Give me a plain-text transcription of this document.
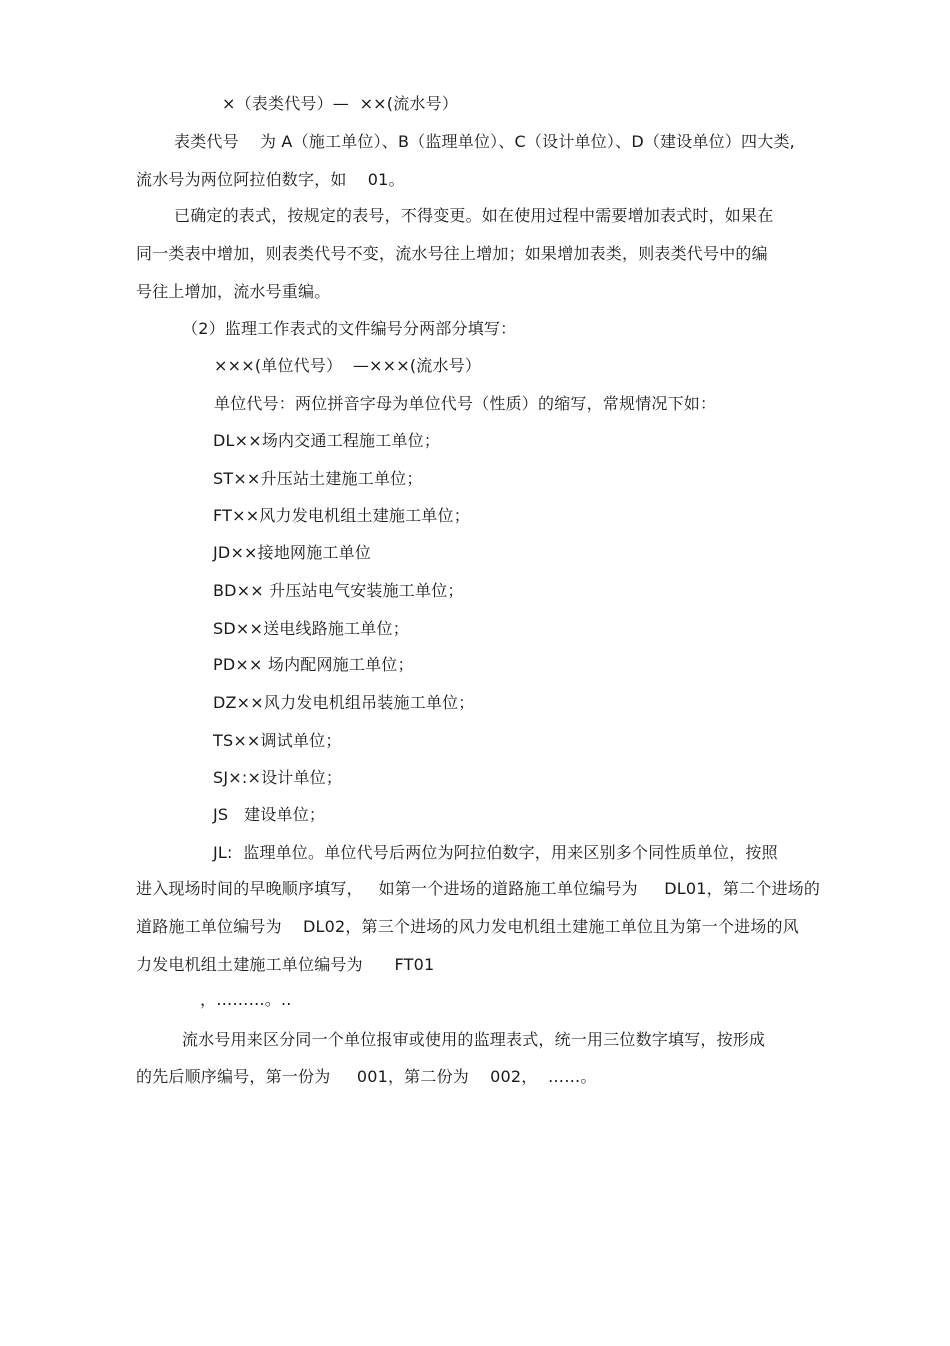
×（表类代号）—  ××(流水号）
表类代号    为 A（施工单位）、B（监理单位）、C（设计单位）、D（建设单位）四大类,
流水号为两位阿拉伯数字，如    01。
已确定的表式，按规定的表号，不得变更。如在使用过程中需要增加表式时，如果在
同一类表中增加，则表类代号不变，流水号往上增加；如果增加表类，则表类代号中的编
号往上增加，流水号重编。
（2）监理工作表式的文件编号分两部分填写：
×××(单位代号）  —×××(流水号）
单位代号：两位拼音字母为单位代号（性质）的缩写，常规情况下如：
DL××场内交通工程施工单位；
ST××升压站土建施工单位；
FT××风力发电机组土建施工单位；
JD××接地网施工单位
BD×× 升压站电气安装施工单位；
SD××送电线路施工单位；
PD×× 场内配网施工单位；
DZ××风力发电机组吊装施工单位；
TS××调试单位；
SJ×:×设计单位；
JS   建设单位；
JL:  监理单位。单位代号后两位为阿拉伯数字，用来区别多个同性质单位，按照
进入现场时间的早晚顺序填写，   如第一个进场的道路施工单位编号为     DL01，第二个进场的
道路施工单位编号为    DL02，第三个进场的风力发电机组土建施工单位且为第一个进场的风
力发电机组土建施工单位编号为      FT01
，………。..
流水号用来区分同一个单位报审或使用的监理表式，统一用三位数字填写，按形成
的先后顺序编号，第一份为     001，第二份为    002，  ……。
